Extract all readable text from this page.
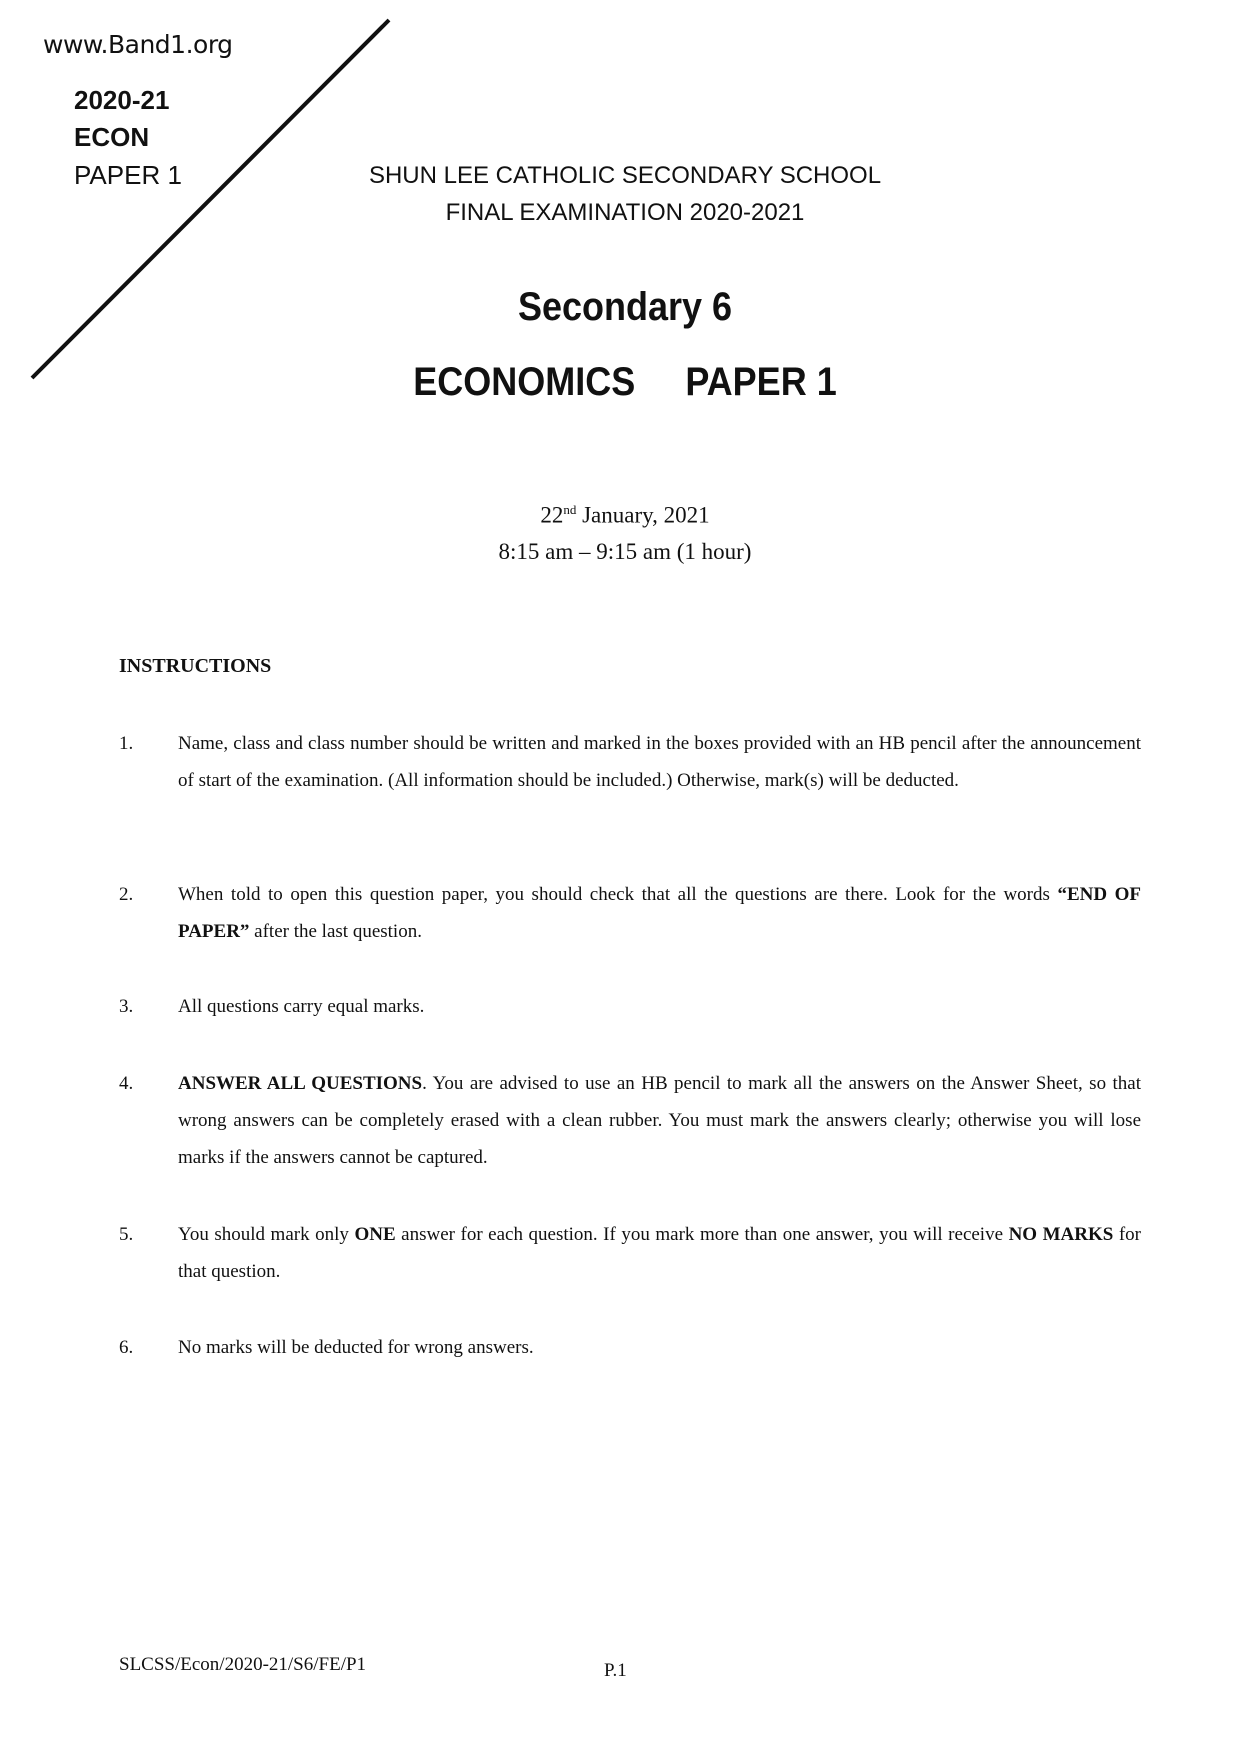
www.Band1.org
2020-21
ECON
PAPER 1	SHUN LEE CATHOLIC SECONDARY SCHOOL
FINAL EXAMINATION 2020-2021
Secondary 6
ECONOMICS PAPER 1
22nd January, 2021
8:15 am – 9:15 am (1 hour)
INSTRUCTIONS
1.	Name, class and class number should be written and marked in the boxes provided with an HB pencil after the announcement of start of the examination. (All information should be included.) Otherwise, mark(s) will be deducted.
2.	When told to open this question paper, you should check that all the questions are there. Look for the words “END OF PAPER” after the last question.
3.	All questions carry equal marks.
4.	ANSWER ALL QUESTIONS. You are advised to use an HB pencil to mark all the answers on the Answer Sheet, so that wrong answers can be completely erased with a clean rubber. You must mark the answers clearly; otherwise you will lose marks if the answers cannot be captured.
5.	You should mark only ONE answer for each question. If you mark more than one answer, you will receive NO MARKS for that question.
6.	No marks will be deducted for wrong answers.
SLCSS/Econ/2020-21/S6/FE/P1	P.1
